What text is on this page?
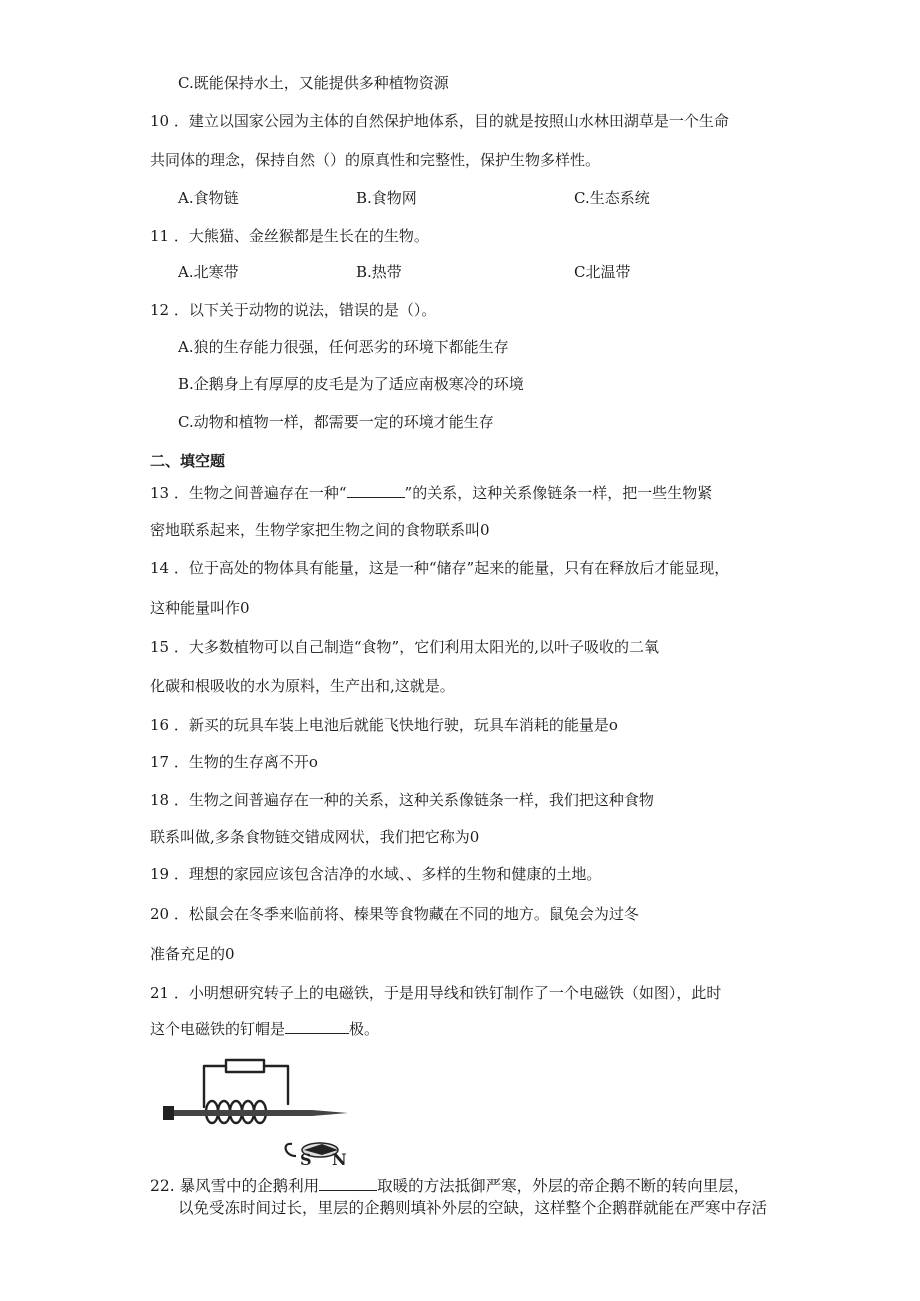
C.既能保持水土，又能提供多种植物资源
10 ．建立以国家公园为主体的自然保护地体系，目的就是按照山水林田湖草是一个生命
共同体的理念，保持自然（）的原真性和完整性，保护生物多样性。
A.食物链	B.食物网	C.生态系统
11 ．大熊猫、金丝猴都是生长在的生物。
A.北寒带	B.热带	C北温带
12 ．以下关于动物的说法，错误的是（）。
A.狼的生存能力很强，任何恶劣的环境下都能生存
B.企鹅身上有厚厚的皮毛是为了适应南极寒冷的环境
C.动物和植物一样，都需要一定的环境才能生存
二、填空题
13 ．生物之间普遍存在一种“	”的关系，这种关系像链条一样，把一些生物紧
密地联系起来，生物学家把生物之间的食物联系叫0
14 ．位于高处的物体具有能量，这是一种“储存”起来的能量，只有在释放后才能显现，
这种能量叫作0
15 ．大多数植物可以自己制造“食物”，它们利用太阳光的,以叶子吸收的二氧
化碳和根吸收的水为原料，生产出和,这就是。
16 ．新买的玩具车装上电池后就能飞快地行驶，玩具车消耗的能量是o
17 ．生物的生存离不开o
18 ．生物之间普遍存在一种的关系，这种关系像链条一样，我们把这种食物
联系叫做,多条食物链交错成网状，我们把它称为0
19 ．理想的家园应该包含洁净的水域、、多样的生物和健康的土地。
20 ．松鼠会在冬季来临前将、榛果等食物藏在不同的地方。鼠兔会为过冬
准备充足的0
21 ．小明想研究转子上的电磁铁，于是用导线和铁钉制作了一个电磁铁（如图），此时
这个电磁铁的钉帽是	极。
S N
22. 暴风雪中的企鹅利用	取暖的方法抵御严寒，外层的帝企鹅不断的转向里层，
以免受冻时间过长，里层的企鹅则填补外层的空缺，这样整个企鹅群就能在严寒中存活
